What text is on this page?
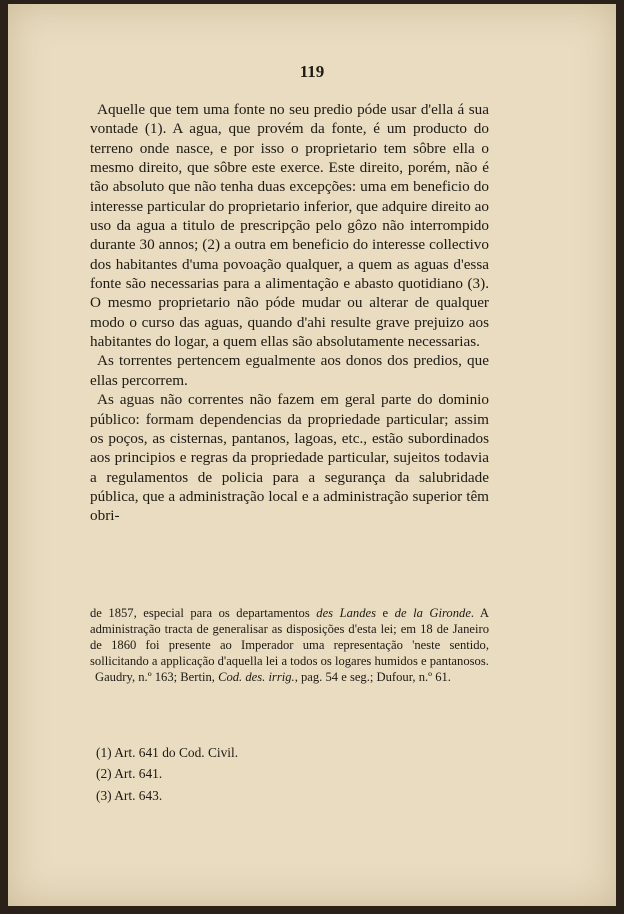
119

Aquelle que tem uma fonte no seu predio póde usar d'ella á sua vontade (1). A agua, que provém da fonte, é um producto do terreno onde nasce, e por isso o proprietario tem sôbre ella o mesmo direito, que sôbre este exerce. Este direito, porém, não é tão absoluto que não tenha duas excepções: uma em beneficio do interesse particular do proprietario inferior, que adquire direito ao uso da agua a titulo de prescripção pelo gôzo não interrompido durante 30 annos; (2) a outra em beneficio do interesse collectivo dos habitantes d'uma povoação qualquer, a quem as aguas d'essa fonte são necessarias para a alimentação e abasto quotidiano (3). O mesmo proprietario não póde mudar ou alterar de qualquer modo o curso das aguas, quando d'ahi resulte grave prejuizo aos habitantes do logar, a quem ellas são absolutamente necessarias.

As torrentes pertencem egualmente aos donos dos predios, que ellas percorrem.

As aguas não correntes não fazem em geral parte do dominio público: formam dependencias da propriedade particular; assim os poços, as cisternas, pantanos, lagoas, etc., estão subordinados aos principios e regras da propriedade particular, sujeitos todavia a regulamentos de policia para a segurança da salubridade pública, que a administração local e a administração superior têm obri-

de 1857, especial para os departamentos des Landes e de la Gironde. A administração tracta de generalisar as disposições d'esta lei; em 18 de Janeiro de 1860 foi presente ao Imperador uma representação 'neste sentido, sollicitando a applicação d'aquella lei a todos os logares humidos e pantanosos.

Gaudry, n.º 163; Bertin, Cod. des. irrig., pag. 54 e seg.; Dufour, n.º 61.

(1) Art. 641 do Cod. Civil.
(2) Art. 641.
(3) Art. 643.
